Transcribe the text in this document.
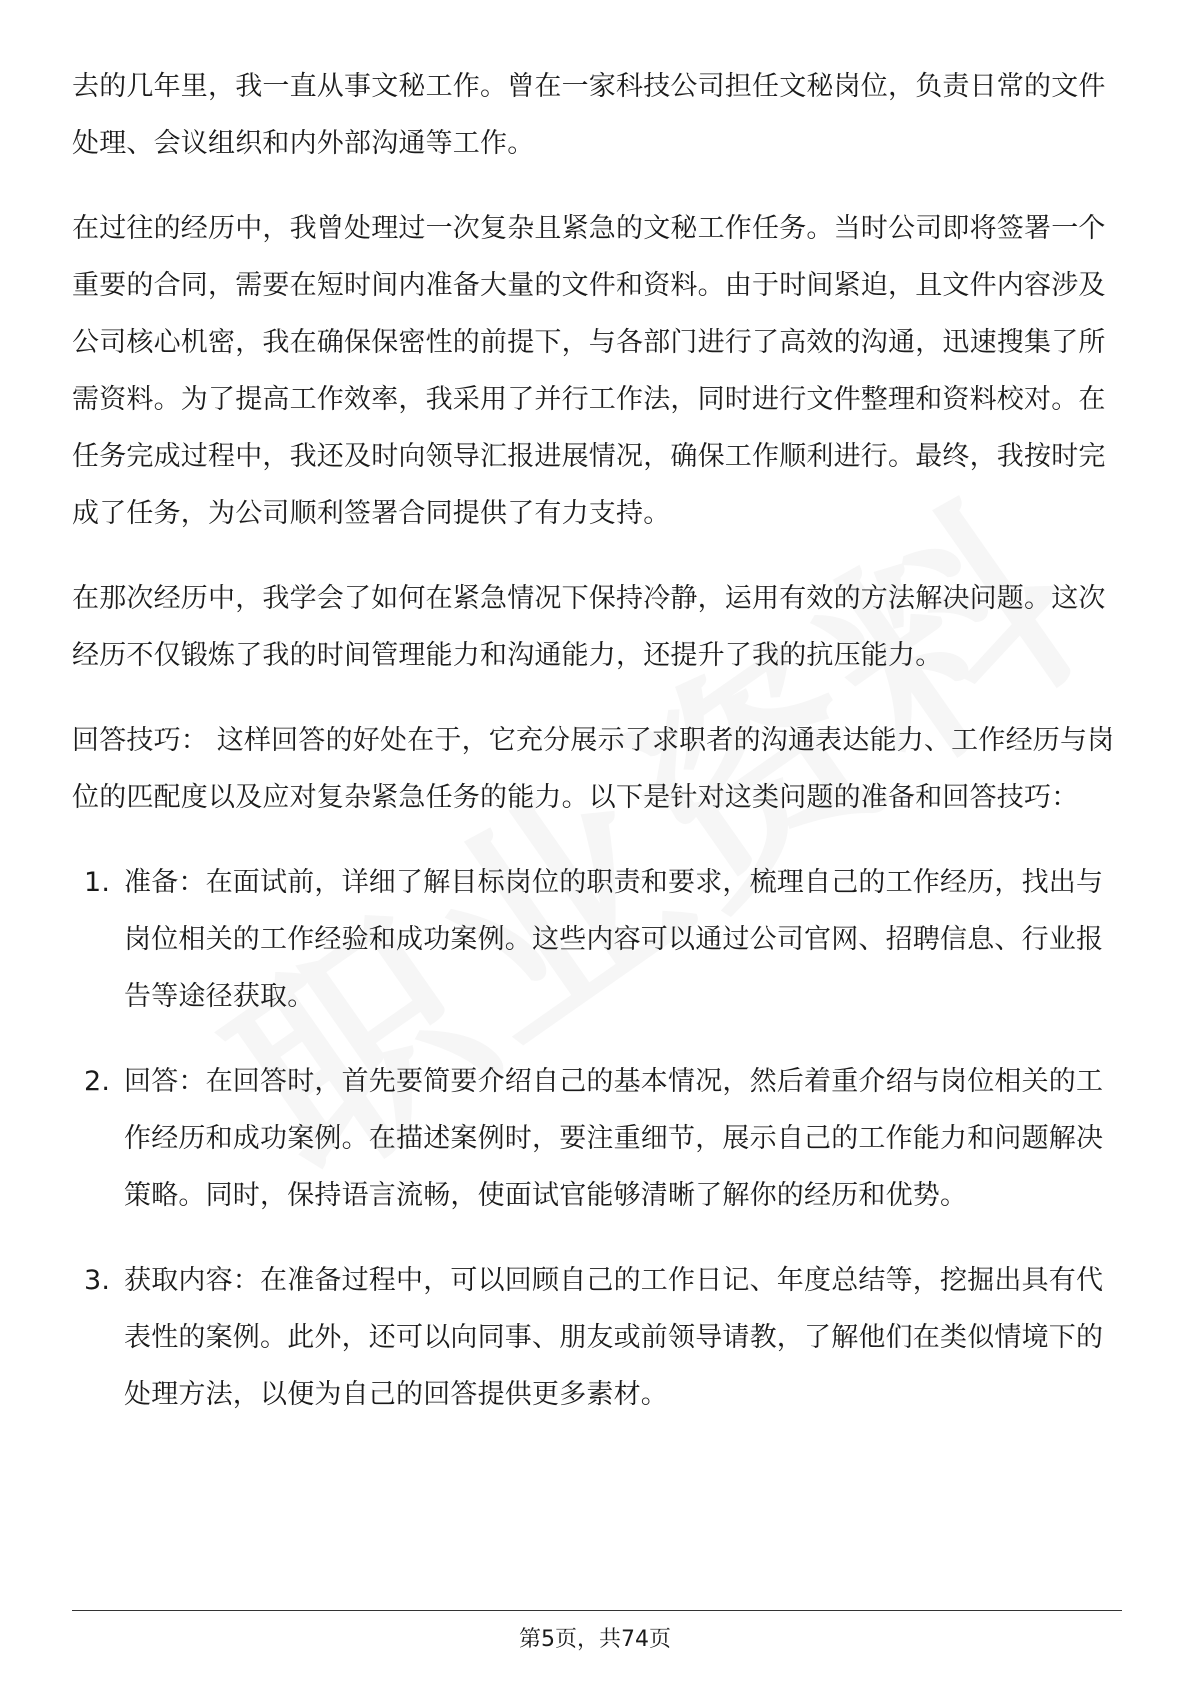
去的几年里，我一直从事文秘工作。曾在一家科技公司担任文秘岗位，负责日常的文件处理、会议组织和内外部沟通等工作。

在过往的经历中，我曾处理过一次复杂且紧急的文秘工作任务。当时公司即将签署一个重要的合同，需要在短时间内准备大量的文件和资料。由于时间紧迫，且文件内容涉及公司核心机密，我在确保保密性的前提下，与各部门进行了高效的沟通，迅速搜集了所需资料。为了提高工作效率，我采用了并行工作法，同时进行文件整理和资料校对。在任务完成过程中，我还及时向领导汇报进展情况，确保工作顺利进行。最终，我按时完成了任务，为公司顺利签署合同提供了有力支持。

在那次经历中，我学会了如何在紧急情况下保持冷静，运用有效的方法解决问题。这次经历不仅锻炼了我的时间管理能力和沟通能力，还提升了我的抗压能力。

回答技巧： 这样回答的好处在于，它充分展示了求职者的沟通表达能力、工作经历与岗位的匹配度以及应对复杂紧急任务的能力。以下是针对这类问题的准备和回答技巧：

1. 准备：在面试前，详细了解目标岗位的职责和要求，梳理自己的工作经历，找出与岗位相关的工作经验和成功案例。这些内容可以通过公司官网、招聘信息、行业报告等途径获取。
2. 回答：在回答时，首先要简要介绍自己的基本情况，然后着重介绍与岗位相关的工作经历和成功案例。在描述案例时，要注重细节，展示自己的工作能力和问题解决策略。同时，保持语言流畅，使面试官能够清晰了解你的经历和优势。
3. 获取内容：在准备过程中，可以回顾自己的工作日记、年度总结等，挖掘出具有代表性的案例。此外，还可以向同事、朋友或前领导请教，了解他们在类似情境下的处理方法，以便为自己的回答提供更多素材。
第5页，共74页
